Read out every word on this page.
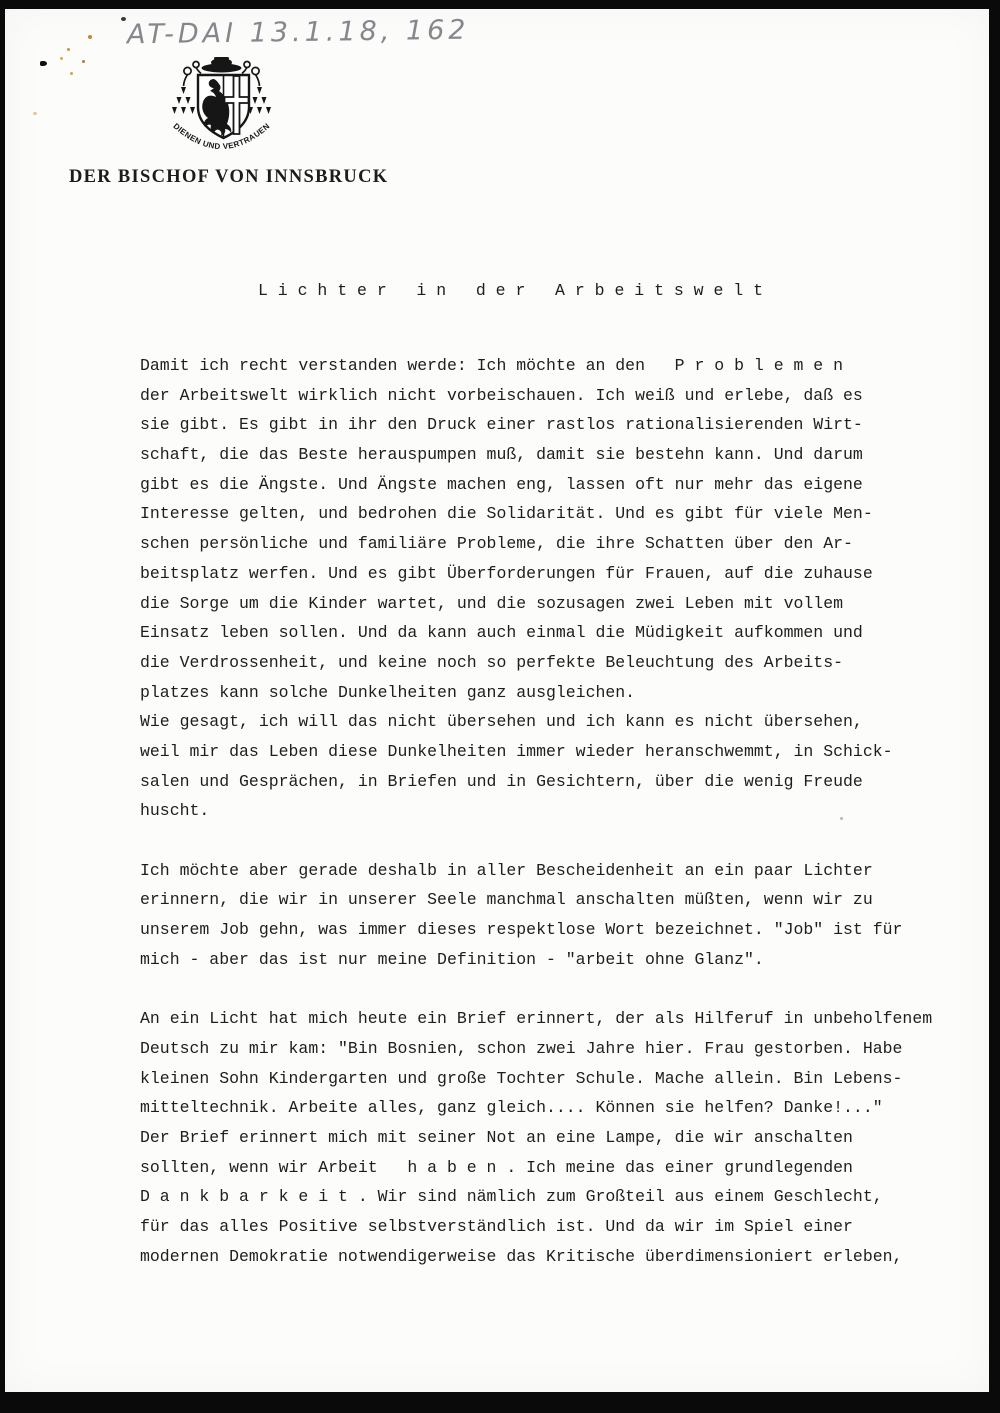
AT-DAI 13.1.18, 162
DIENEN UND VERTRAUEN
DER BISCHOF VON INNSBRUCK
L i c h t e r   i n   d e r   A r b e i t s w e l t
Damit ich recht verstanden werde: Ich möchte an den   P r o b l e m e n
der Arbeitswelt wirklich nicht vorbeischauen. Ich weiß und erlebe, daß es
sie gibt. Es gibt in ihr den Druck einer rastlos rationalisierenden Wirt-
schaft, die das Beste herauspumpen muß, damit sie bestehn kann. Und darum
gibt es die Ängste. Und Ängste machen eng, lassen oft nur mehr das eigene
Interesse gelten, und bedrohen die Solidarität. Und es gibt für viele Men-
schen persönliche und familiäre Probleme, die ihre Schatten über den Ar-
beitsplatz werfen. Und es gibt Überforderungen für Frauen, auf die zuhause
die Sorge um die Kinder wartet, und die sozusagen zwei Leben mit vollem
Einsatz leben sollen. Und da kann auch einmal die Müdigkeit aufkommen und
die Verdrossenheit, und keine noch so perfekte Beleuchtung des Arbeits-
platzes kann solche Dunkelheiten ganz ausgleichen.
Wie gesagt, ich will das nicht übersehen und ich kann es nicht übersehen,
weil mir das Leben diese Dunkelheiten immer wieder heranschwemmt, in Schick-
salen und Gesprächen, in Briefen und in Gesichtern, über die wenig Freude
huscht.
Ich möchte aber gerade deshalb in aller Bescheidenheit an ein paar Lichter
erinnern, die wir in unserer Seele manchmal anschalten müßten, wenn wir zu
unserem Job gehn, was immer dieses respektlose Wort bezeichnet. "Job" ist für
mich - aber das ist nur meine Definition - "arbeit ohne Glanz".
An ein Licht hat mich heute ein Brief erinnert, der als Hilferuf in unbeholfenem
Deutsch zu mir kam: "Bin Bosnien, schon zwei Jahre hier. Frau gestorben. Habe
kleinen Sohn Kindergarten und große Tochter Schule. Mache allein. Bin Lebens-
mitteltechnik. Arbeite alles, ganz gleich.... Können sie helfen? Danke!..."
Der Brief erinnert mich mit seiner Not an eine Lampe, die wir anschalten
sollten, wenn wir Arbeit   h a b e n . Ich meine das einer grundlegenden
D a n k b a r k e i t . Wir sind nämlich zum Großteil aus einem Geschlecht,
für das alles Positive selbstverständlich ist. Und da wir im Spiel einer
modernen Demokratie notwendigerweise das Kritische überdimensioniert erleben,
